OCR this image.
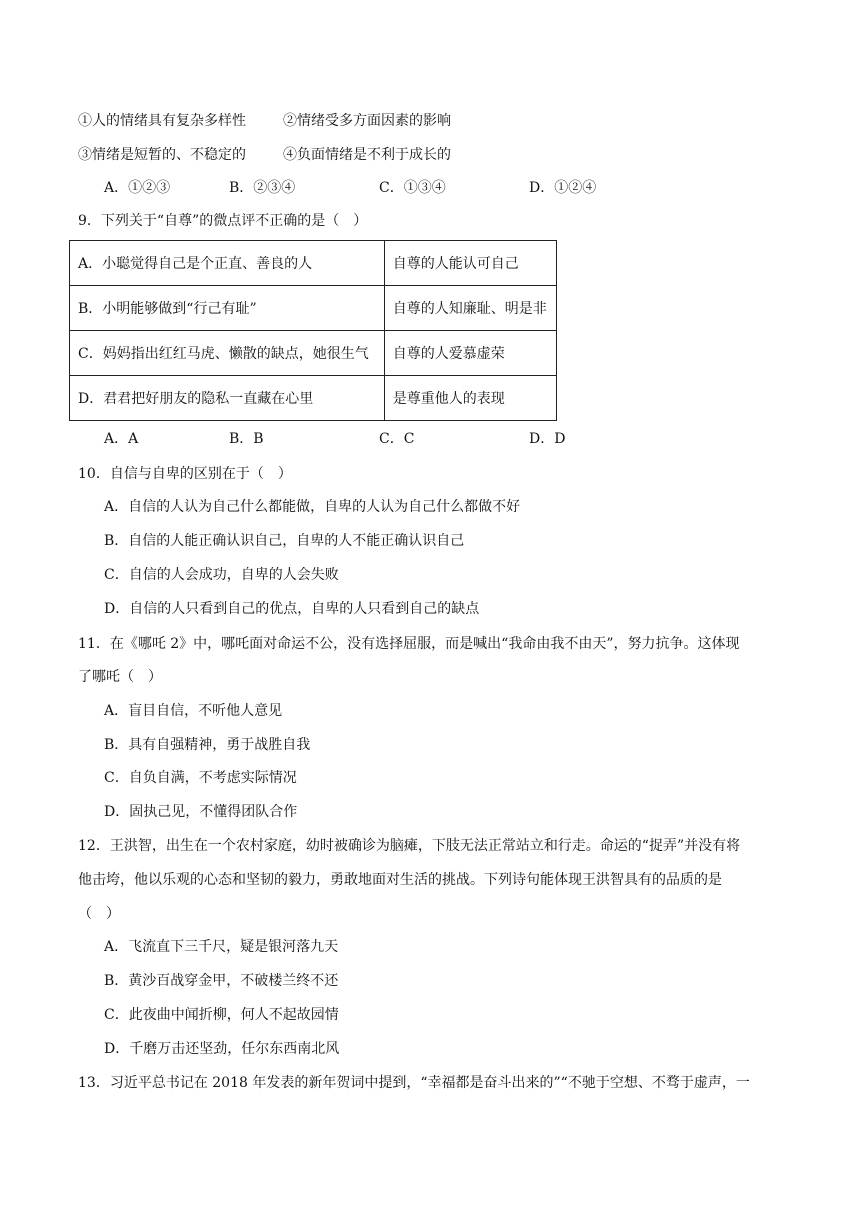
①人的情绪具有复杂多样性	②情绪受多方面因素的影响
③情绪是短暂的、不稳定的	④负面情绪是不利于成长的
A．①②③	B．②③④	C．①③④	D．①②④
9．下列关于“自尊”的微点评不正确的是（　）
A．小聪觉得自己是个正直、善良的人	自尊的人能认可自己
B．小明能够做到“行己有耻”	自尊的人知廉耻、明是非
C．妈妈指出红红马虎、懒散的缺点，她很生气	自尊的人爱慕虚荣
D．君君把好朋友的隐私一直藏在心里	是尊重他人的表现
A．A	B．B	C．C	D．D
10．自信与自卑的区别在于（　）
A．自信的人认为自己什么都能做，自卑的人认为自己什么都做不好
B．自信的人能正确认识自己，自卑的人不能正确认识自己
C．自信的人会成功，自卑的人会失败
D．自信的人只看到自己的优点，自卑的人只看到自己的缺点
11．在《哪吒 2》中，哪吒面对命运不公，没有选择屈服，而是喊出“我命由我不由天”，努力抗争。这体现
了哪吒（　）
A．盲目自信，不听他人意见
B．具有自强精神，勇于战胜自我
C．自负自满，不考虑实际情况
D．固执己见，不懂得团队合作
12．王洪智，出生在一个农村家庭，幼时被确诊为脑瘫，下肢无法正常站立和行走。命运的“捉弄”并没有将
他击垮，他以乐观的心态和坚韧的毅力，勇敢地面对生活的挑战。下列诗句能体现王洪智具有的品质的是
（　）
A．飞流直下三千尺，疑是银河落九天
B．黄沙百战穿金甲，不破楼兰终不还
C．此夜曲中闻折柳，何人不起故园情
D．千磨万击还坚劲，任尔东西南北风
13．习近平总书记在 2018 年发表的新年贺词中提到，“幸福都是奋斗出来的”“不驰于空想、不骛于虚声，一
